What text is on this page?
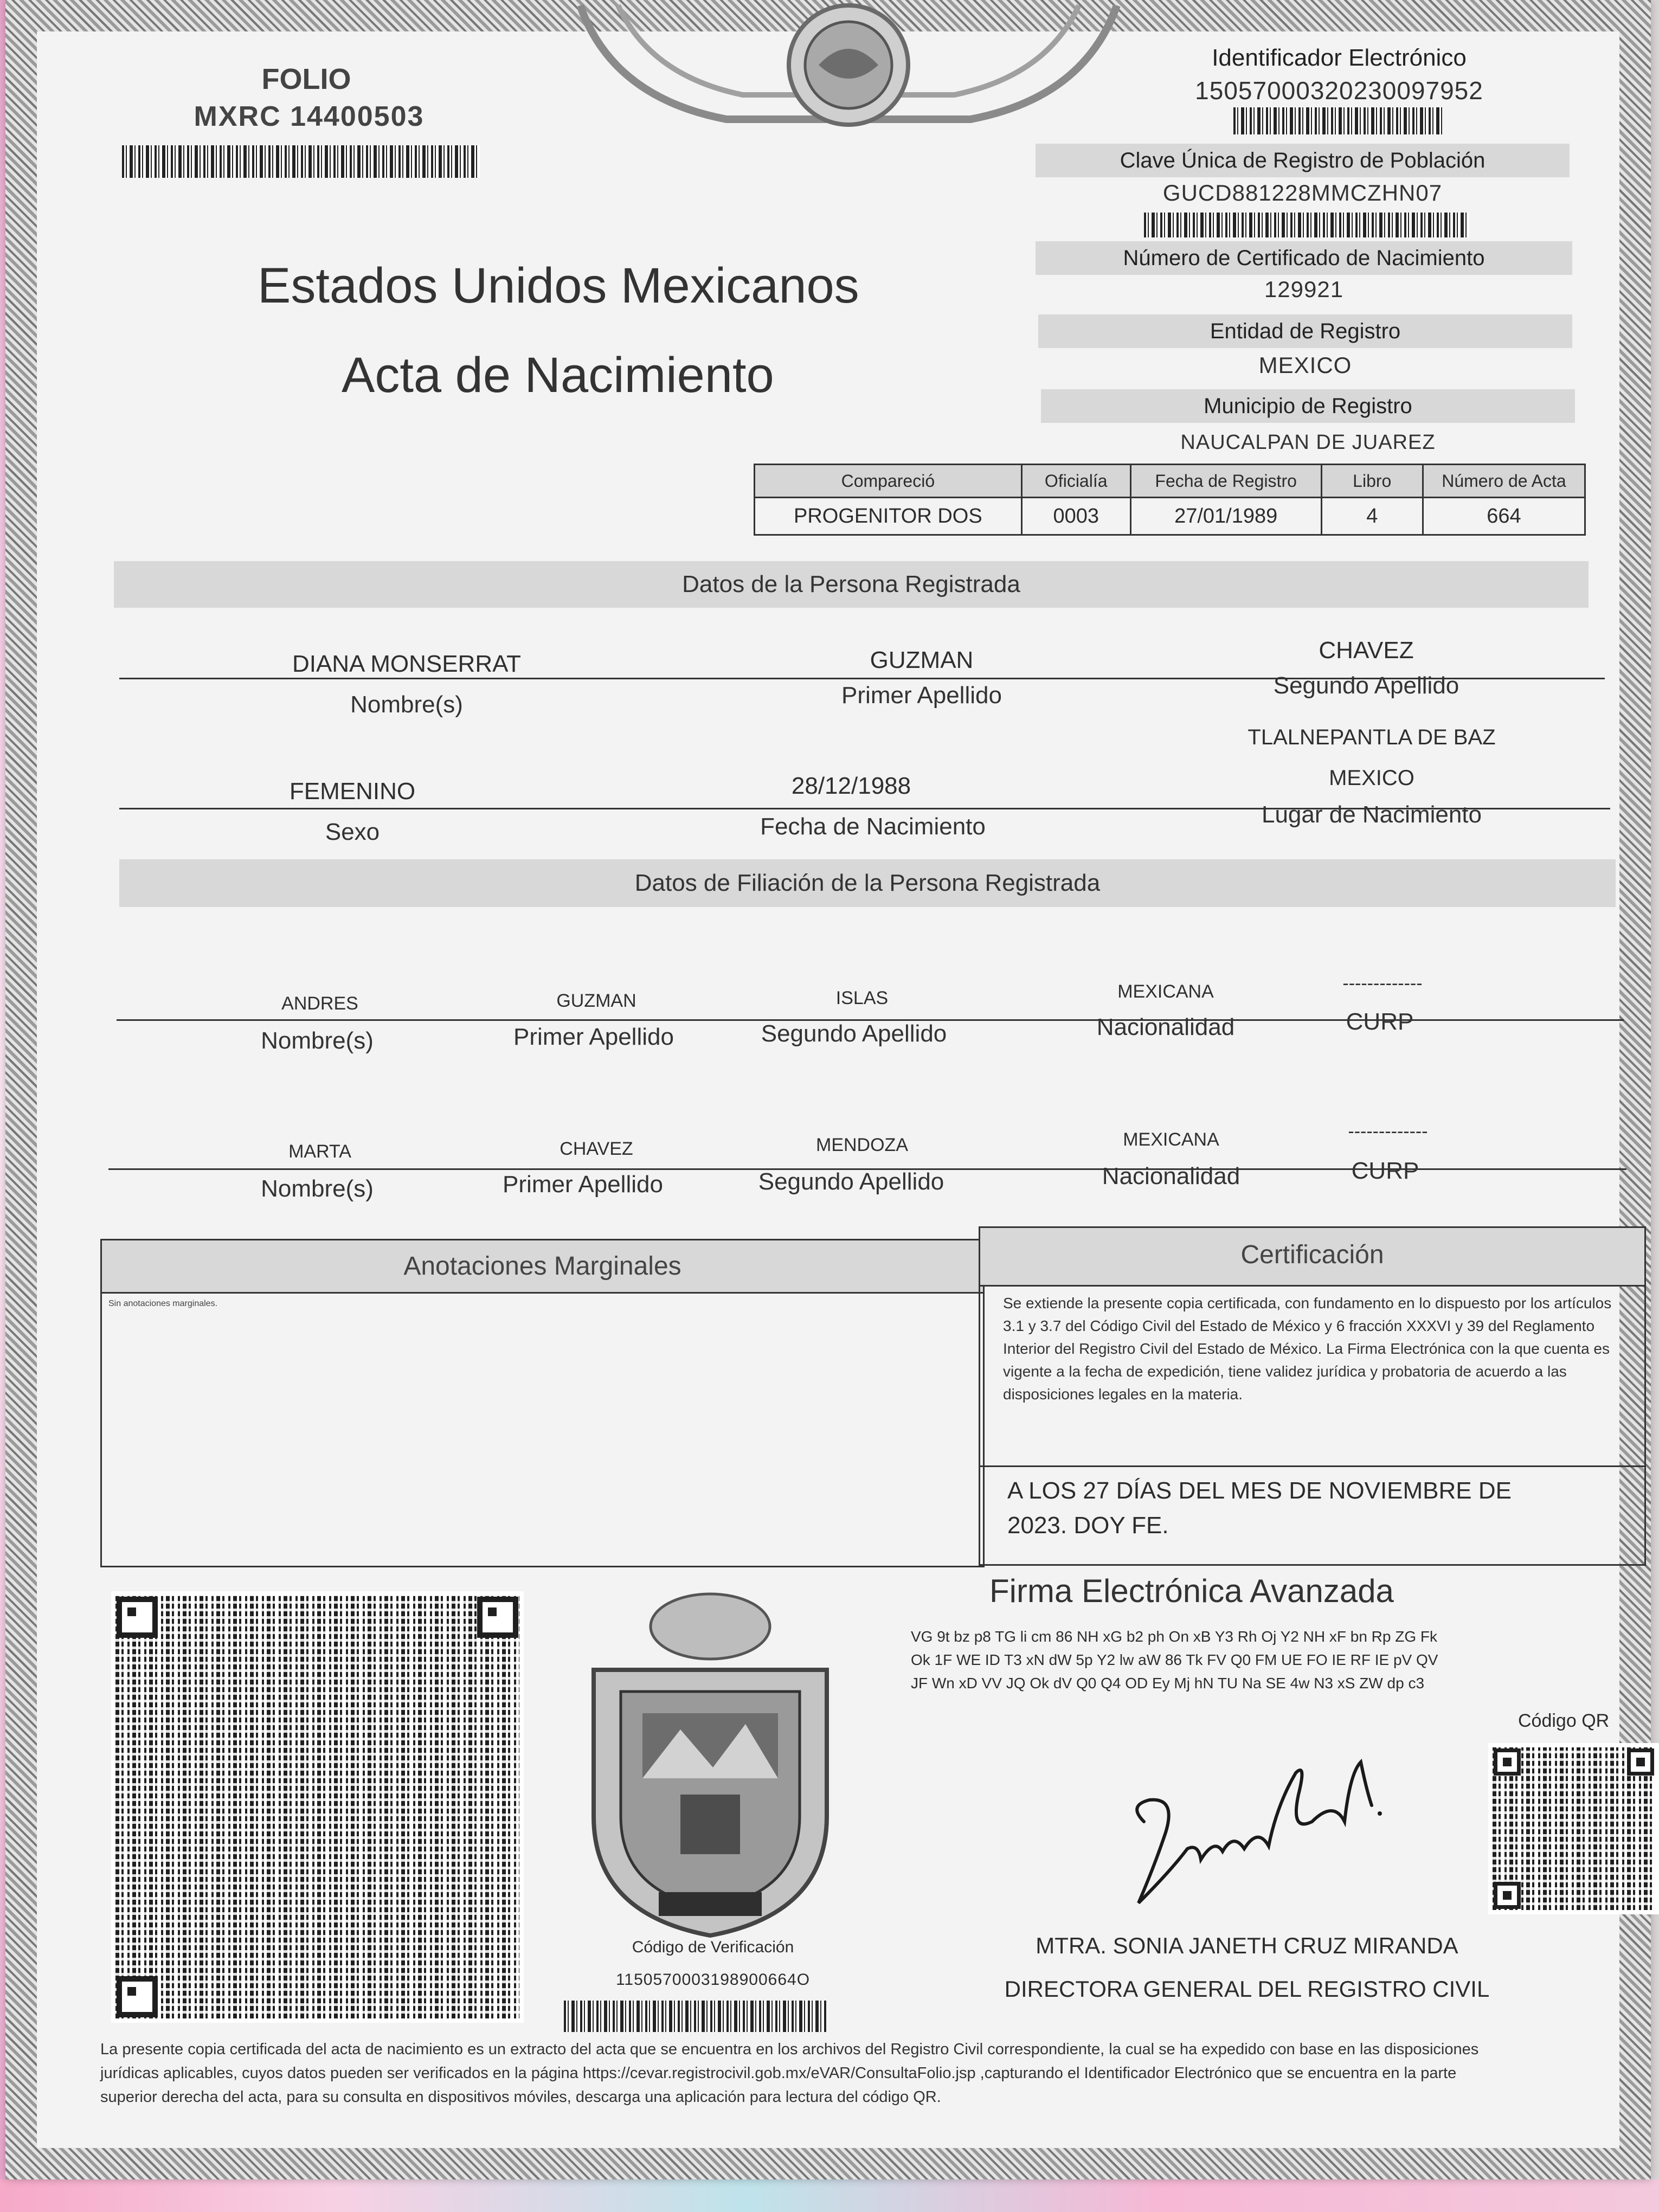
FOLIO
MXRC 14400503
Identificador Electrónico
15057000320230097952
Clave Única de Registro de Población
GUCD881228MMCZHN07
Número de Certificado de Nacimiento
129921
Entidad de Registro
MEXICO
Municipio de Registro
NAUCALPAN DE JUAREZ
Estados Unidos Mexicanos
Acta de Nacimiento
Compareció	Oficialía	Fecha de Registro	Libro	Número de Acta
PROGENITOR DOS	0003	27/01/1989	4	664
Datos de la Persona Registrada
DIANA MONSERRAT	GUZMAN	CHAVEZ
Nombre(s)	Primer Apellido	Segundo Apellido
TLALNEPANTLA DE BAZ
MEXICO
FEMENINO	28/12/1988
Sexo	Fecha de Nacimiento	Lugar de Nacimiento
Datos de Filiación de la Persona Registrada
ANDRES	GUZMAN	ISLAS	MEXICANA	-------------
Nombre(s)	Primer Apellido	Segundo Apellido	Nacionalidad	CURP
MARTA	CHAVEZ	MENDOZA	MEXICANA	-------------
Nombre(s)	Primer Apellido	Segundo Apellido	Nacionalidad	CURP
Anotaciones Marginales
Sin anotaciones marginales.
Certificación
Se extiende la presente copia certificada, con fundamento en lo dispuesto por los artículos 3.1 y 3.7 del Código Civil del Estado de México y 6 fracción XXXVI y 39 del Reglamento Interior del Registro Civil del Estado de México. La Firma Electrónica con la que cuenta es vigente a la fecha de expedición, tiene validez jurídica y probatoria de acuerdo a las disposiciones legales en la materia.
A LOS 27 DÍAS DEL MES DE NOVIEMBRE DE
2023. DOY FE.
Código de Verificación
1150570003198900664O
Firma Electrónica Avanzada
VG 9t bz p8 TG li cm 86 NH xG b2 ph On xB Y3 Rh Oj Y2 NH xF bn Rp ZG Fk
Ok 1F WE ID T3 xN dW 5p Y2 lw aW 86 Tk FV Q0 FM UE FO IE RF IE pV QV
JF Wn xD VV JQ Ok dV Q0 Q4 OD Ey Mj hN TU Na SE 4w N3 xS ZW dp c3
Código QR
MTRA. SONIA JANETH CRUZ MIRANDA
DIRECTORA GENERAL DEL REGISTRO CIVIL
La presente copia certificada del acta de nacimiento es un extracto del acta que se encuentra en los archivos del Registro Civil correspondiente, la cual se ha expedido con base en las disposiciones
jurídicas aplicables, cuyos datos pueden ser verificados en la página https://cevar.registrocivil.gob.mx/eVAR/ConsultaFolio.jsp ,capturando el Identificador Electrónico que se encuentra en la parte
superior derecha del acta, para su consulta en dispositivos móviles, descarga una aplicación para lectura del código QR.
